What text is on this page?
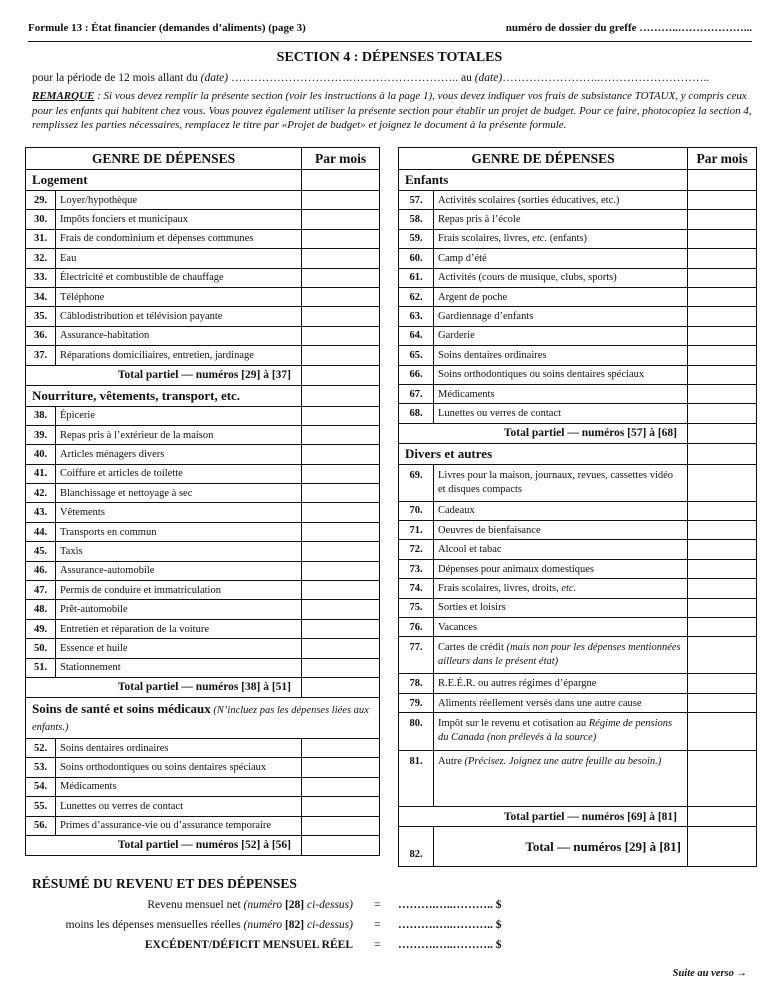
Formule 13 : État financier (demandes d’aliments) (page 3)	numéro de dossier du greffe ………..………………...
SECTION 4 : DÉPENSES TOTALES
pour la période de 12 mois allant du (date) ………………………….……………………….. au (date)……………………..………………………..
REMARQUE : Si vous devez remplir la présente section (voir les instructions à la page 1), vous devez indiquer vos frais de subsistance TOTAUX, y compris ceux pour les enfants qui habitent chez vous. Vous pouvez également utiliser la présente section pour établir un projet de budget. Pour ce faire, photocopiez la section 4, remplissez les parties nécessaires, remplacez le titre par «Projet de budget» et joignez le document à la présente formule.
GENRE DE DÉPENSES		Par mois
Logement		
29.	Loyer/hypothèque	
30.	Impôts fonciers et municipaux	
31.	Frais de condominium et dépenses communes	
32.	Eau	
33.	Électricité et combustible de chauffage	
34.	Téléphone	
35.	Câblodistribution et télévision payante	
36.	Assurance-habitation	
37.	Réparations domiciliaires, entretien, jardinage	
Total partiel — numéros [29] à [37]		
Nourriture, vêtements, transport, etc.		
38.	Épicerie	
39.	Repas pris à l’extérieur de la maison	
40.	Articles ménagers divers	
41.	Coiffure et articles de toilette	
42.	Blanchissage et nettoyage à sec	
43.	Vêtements	
44.	Transports en commun	
45.	Taxis	
46.	Assurance-automobile	
47.	Permis de conduire et immatriculation	
48.	Prêt-automobile	
49.	Entretien et réparation de la voiture	
50.	Essence et huile	
51.	Stationnement	
Total partiel — numéros [38] à [51]		
Soins de santé et soins médicaux (N’incluez pas les dépenses liées aux enfants.)		
52.	Soins dentaires ordinaires	
53.	Soins orthodontiques ou soins dentaires spéciaux	
54.	Médicaments	
55.	Lunettes ou verres de contact	
56.	Primes d’assurance-vie ou d’assurance temporaire	
Total partiel — numéros [52] à [56]		
GENRE DE DÉPENSES		Par mois
Enfants		
57.	Activités scolaires (sorties éducatives, etc.)	
58.	Repas pris à l’école	
59.	Frais scolaires, livres, etc. (enfants)	
60.	Camp d’été	
61.	Activités (cours de musique, clubs, sports)	
62.	Argent de poche	
63.	Gardiennage d’enfants	
64.	Garderie	
65.	Soins dentaires ordinaires	
66.	Soins orthodontiques ou soins dentaires spéciaux	
67.	Médicaments	
68.	Lunettes ou verres de contact	
Total partiel — numéros [57] à [68]		
Divers et autres		
69.	Livres pour la maison, journaux, revues, cassettes vidéo et disques compacts	
70.	Cadeaux	
71.	Oeuvres de bienfaisance	
72.	Alcool et tabac	
73.	Dépenses pour animaux domestiques	
74.	Frais scolaires, livres, droits, etc.	
75.	Sorties et loisirs	
76.	Vacances	
77.	Cartes de crédit (mais non pour les dépenses mentionnées ailleurs dans le présent état)	
78.	R.E.É.R. ou autres régimes d’épargne	
79.	Aliments réellement versés dans une autre cause	
80.	Impôt sur le revenu et cotisation au Régime de pensions du Canada (non prélevés à la source)	
81.	Autre (Précisez. Joignez une autre feuille au besoin.)	
Total partiel — numéros [69] à [81]		
82.	Total — numéros [29] à [81]	
RÉSUMÉ DU REVENU ET DES DÉPENSES
Revenu mensuel net (numéro [28] ci-dessus) = ……….…..……….. $
moins les dépenses mensuelles réelles (numéro [82] ci-dessus) = ……….…..……….. $
EXCÉDENT/DÉFICIT MENSUEL RÉEL = ……….…..……….. $
Suite au verso →
